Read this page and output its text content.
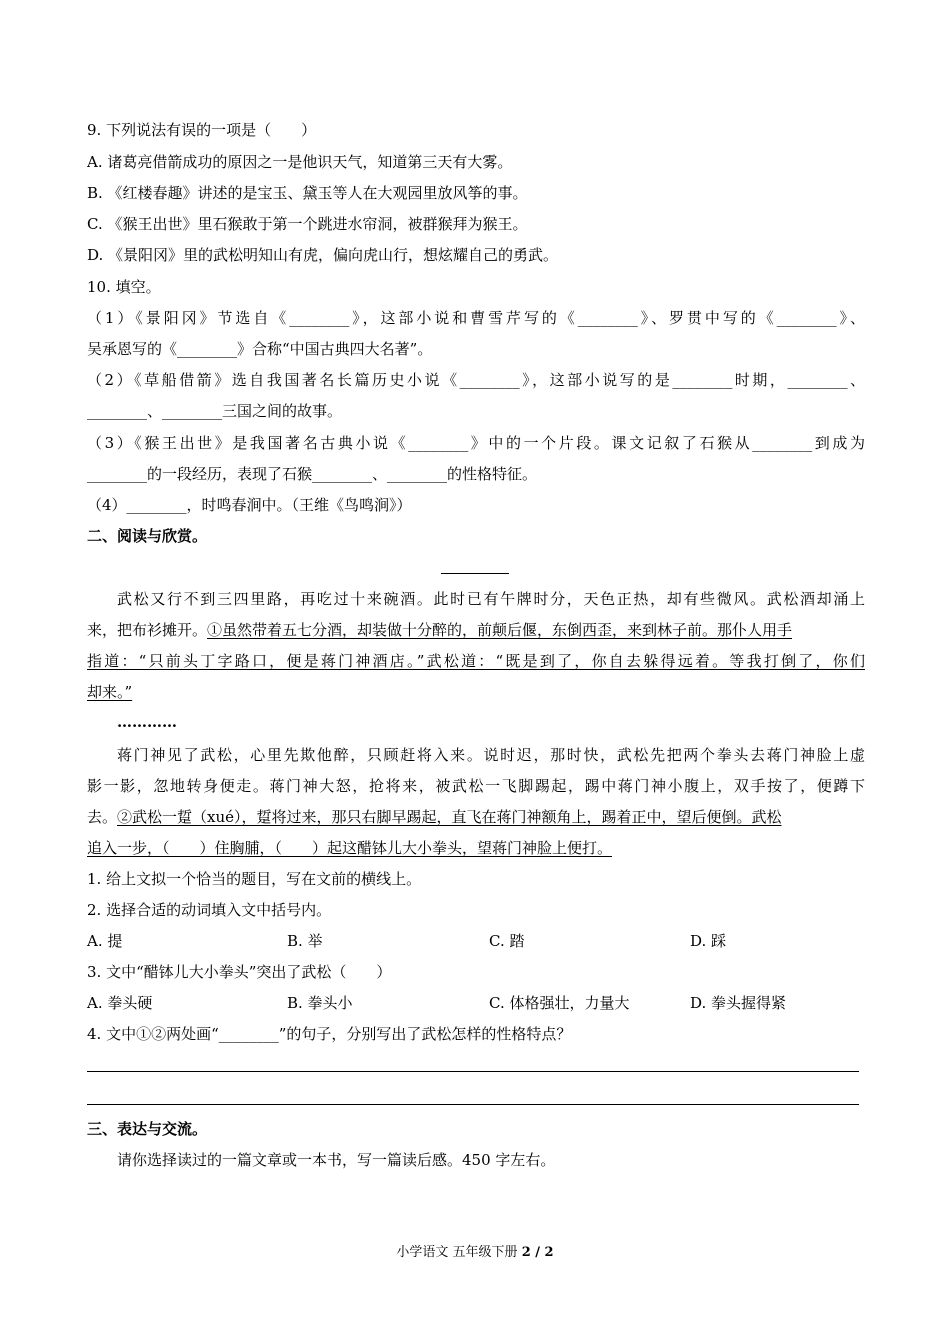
9. 下列说法有误的一项是（　　）
A. 诸葛亮借箭成功的原因之一是他识天气，知道第三天有大雾。
B. 《红楼春趣》讲述的是宝玉、黛玉等人在大观园里放风筝的事。
C. 《猴王出世》里石猴敢于第一个跳进水帘洞，被群猴拜为猴王。
D. 《景阳冈》里的武松明知山有虎，偏向虎山行，想炫耀自己的勇武。
10. 填空。
（1）《景阳冈》节选自《________》，这部小说和曹雪芹写的《________》、罗贯中写的《________》、
吴承恩写的《________》合称“中国古典四大名著”。
（2）《草船借箭》选自我国著名长篇历史小说《________》，这部小说写的是________时期，________、
________、________三国之间的故事。
（3）《猴王出世》是我国著名古典小说《________》中的一个片段。课文记叙了石猴从________到成为
________的一段经历，表现了石猴________、________的性格特征。
（4）________，时鸣春涧中。（王维《鸟鸣涧》）
二、阅读与欣赏。
武松又行不到三四里路，再吃过十来碗酒。此时已有午牌时分，天色正热，却有些微风。武松酒却涌上
来，把布衫摊开。①虽然带着五七分酒，却装做十分醉的，前颠后偃，东倒西歪，来到林子前。那仆人用手
指道：“只前头丁字路口，便是蒋门神酒店。”武松道：“既是到了，你自去躲得远着。等我打倒了，你们
却来。”
…………
蒋门神见了武松，心里先欺他醉，只顾赶将入来。说时迟，那时快，武松先把两个拳头去蒋门神脸上虚
影一影，忽地转身便走。蒋门神大怒，抢将来，被武松一飞脚踢起，踢中蒋门神小腹上，双手按了，便蹲下
去。②武松一踅（xué），踅将过来，那只右脚早踢起，直飞在蒋门神额角上，踢着正中，望后便倒。武松
追入一步，（　　）住胸脯，（　　）起这醋钵儿大小拳头，望蒋门神脸上便打。
1. 给上文拟一个恰当的题目，写在文前的横线上。
2. 选择合适的动词填入文中括号内。
A. 提	B. 举	C. 踏	D. 踩
3. 文中“醋钵儿大小拳头”突出了武松（　　）
A. 拳头硬	B. 拳头小	C. 体格强壮，力量大	D. 拳头握得紧
4. 文中①②两处画“________”的句子，分别写出了武松怎样的性格特点？
三、表达与交流。
请你选择读过的一篇文章或一本书，写一篇读后感。450 字左右。
小学语文 五年级下册 2 / 2
